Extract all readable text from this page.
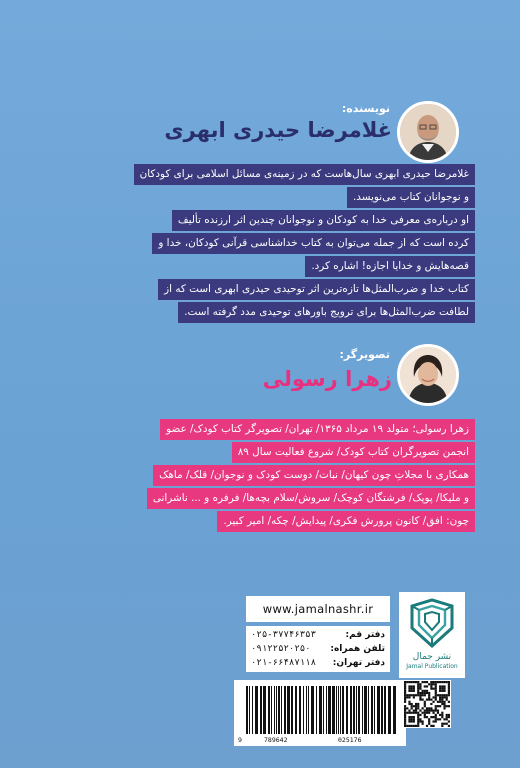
نویسنده:
غلامرضا حیدری ابهری
غلامرضا حیدری ابهری سال‌هاست که در زمینه‌ی مسائل اسلامی برای کودکان
و نوجوانان کتاب می‌نویسد.
او درباره‌ی معرفی خدا به کودکان و نوجوانان چندین اثر ارزنده تألیف
کرده است که از جمله می‌توان به کتاب خداشناسی قرآنی کودکان، خدا و
قصه‌هایش و خدایا اجازه! اشاره کرد.
کتاب خدا و ضرب‌المثل‌ها تازه‌ترین اثر توحیدی حیدری ابهری است که از
لطافت ضرب‌المثل‌ها برای ترویج باورهای توحیدی مدد گرفته است.
تصویرگر:
زهرا رسولی
زهرا رسولی؛ متولد ۱۹ مرداد ۱۳۶۵/ تهران/ تصویرگر کتاب کودک/ عضو
انجمن تصویرگران کتاب کودک/ شروع فعالیت سال ۸۹
همکاری با مجلاتِ چون کیهان/ نبات/ دوست کودک و نوجوان/ قلک/ ماهک
و ملیکا/ پوپک/ فرشتگان کوچک/ سروش/سلام بچه‌ها/ فرفره و ... ناشرانی
چون: افق/ کانون پرورش فکری/ پیدایش/ چکه/ امیر کبیر.
www.jamalnashr.ir
دفتر قم:
۰۲۵-۳۷۷۴۶۳۵۳
تلفن همراه:
۰۹۱۲۲۵۲۰۲۵۰
دفتر تهران:
۰۲۱-۶۶۴۸۷۱۱۸
نشر جمال
Jamal Publication
9	789642	025176
